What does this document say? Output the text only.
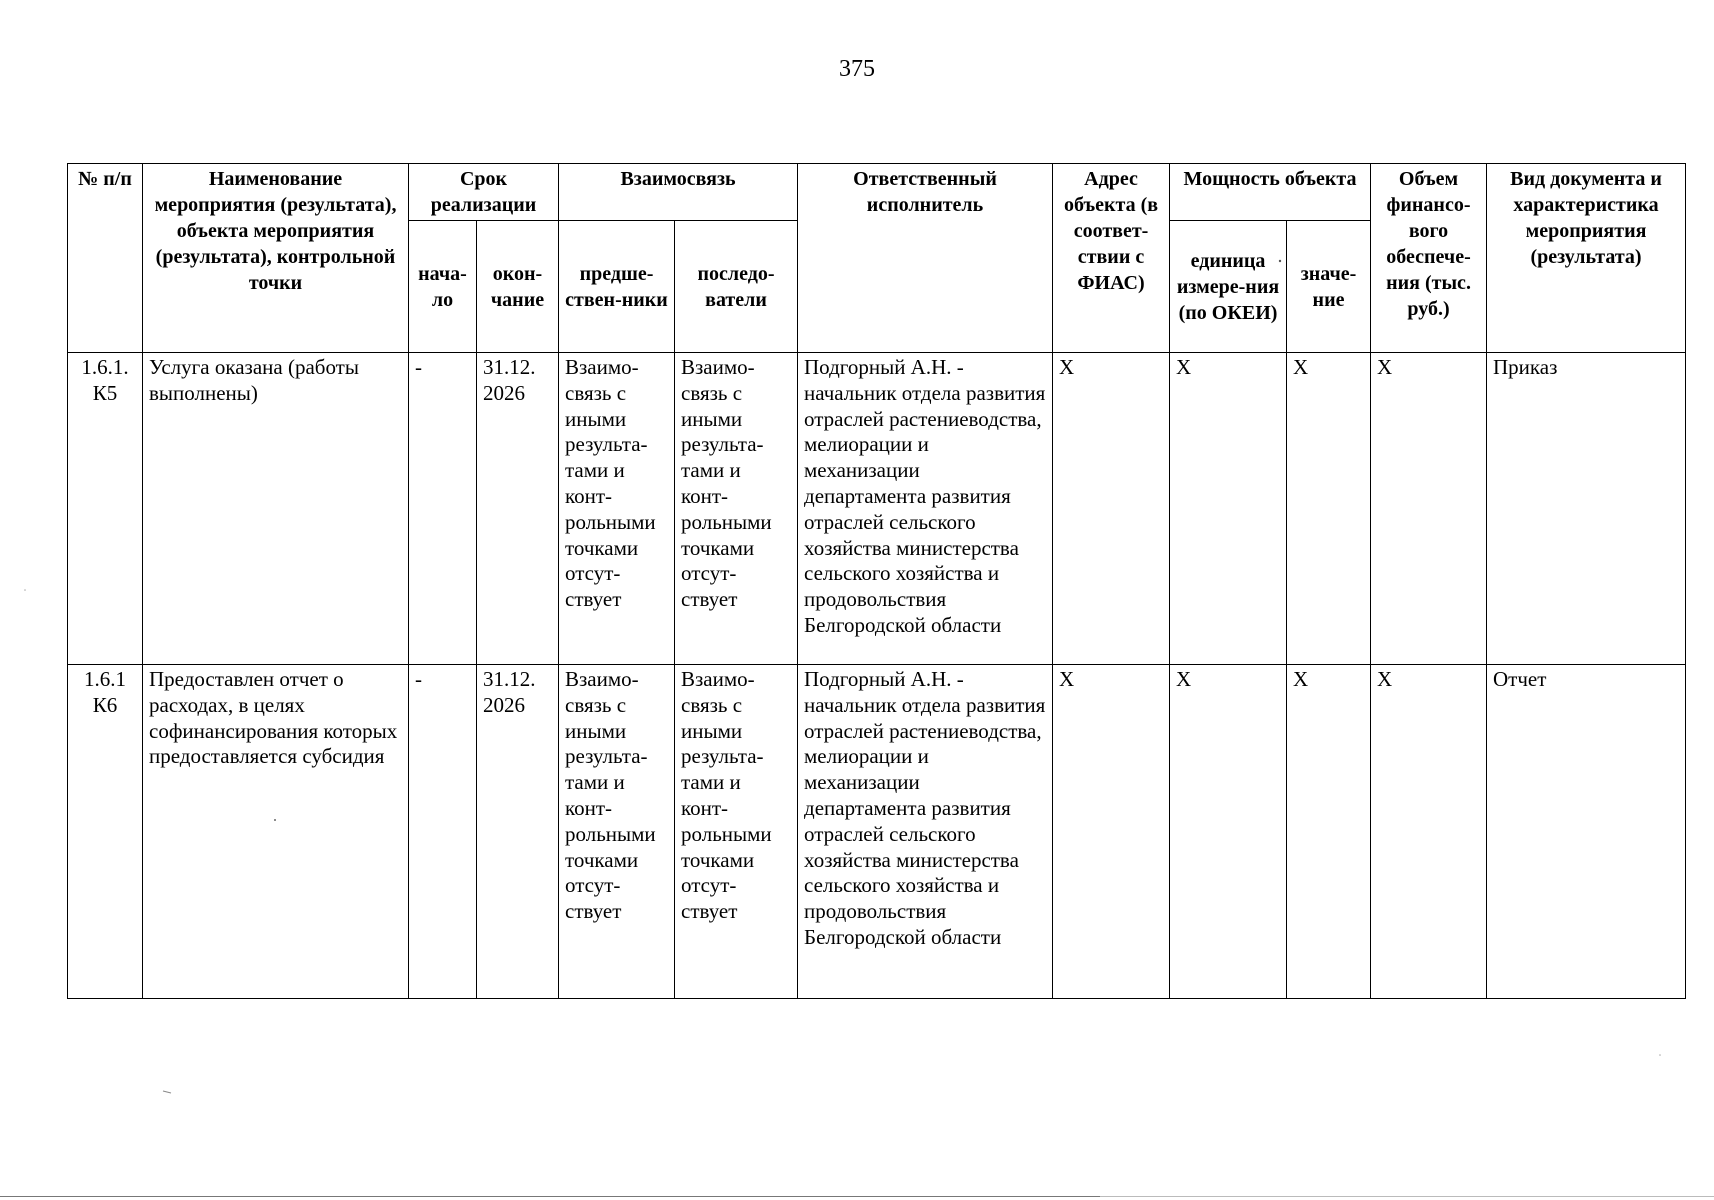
375
№ п/п	Наименование мероприятия (результата), объекта мероприятия (результата), контрольной точки	Срок реализации		Взаимосвязь		Ответственный исполнитель	Адрес объекта (в соответ-ствии с ФИАС)	Мощность объекта		Объем финансо-вого обеспече-ния (тыс. руб.)	Вид документа и характеристика мероприятия (результата)
		нача-ло	окон-чание	предше-ствен-ники	последо-ватели			единица измере-ния (по ОКЕИ)	значе-ние		
1.6.1. К5	Услуга оказана (работы выполнены)	-	31.12. 2026	Взаимо-связь с иными результа-тами и конт-рольными точками отсут-ствует	Взаимо-связь с иными результа-тами и конт-рольными точками отсут-ствует	Подгорный А.Н. - начальник отдела развития отраслей растениеводства, мелиорации и механизации департамента развития отраслей сельского хозяйства министерства сельского хозяйства и продовольствия Белгородской области	X	X	X	X	Приказ
1.6.1 К6	Предоставлен отчет о расходах, в целях софинансирования которых предоставляется субсидия	-	31.12. 2026	Взаимо-связь с иными результа-тами и конт-рольными точками отсут-ствует	Взаимо-связь с иными результа-тами и конт-рольными точками отсут-ствует	Подгорный А.Н. - начальник отдела развития отраслей растениеводства, мелиорации и механизации департамента развития отраслей сельского хозяйства министерства сельского хозяйства и продовольствия Белгородской области	X	X	X	X	Отчет
